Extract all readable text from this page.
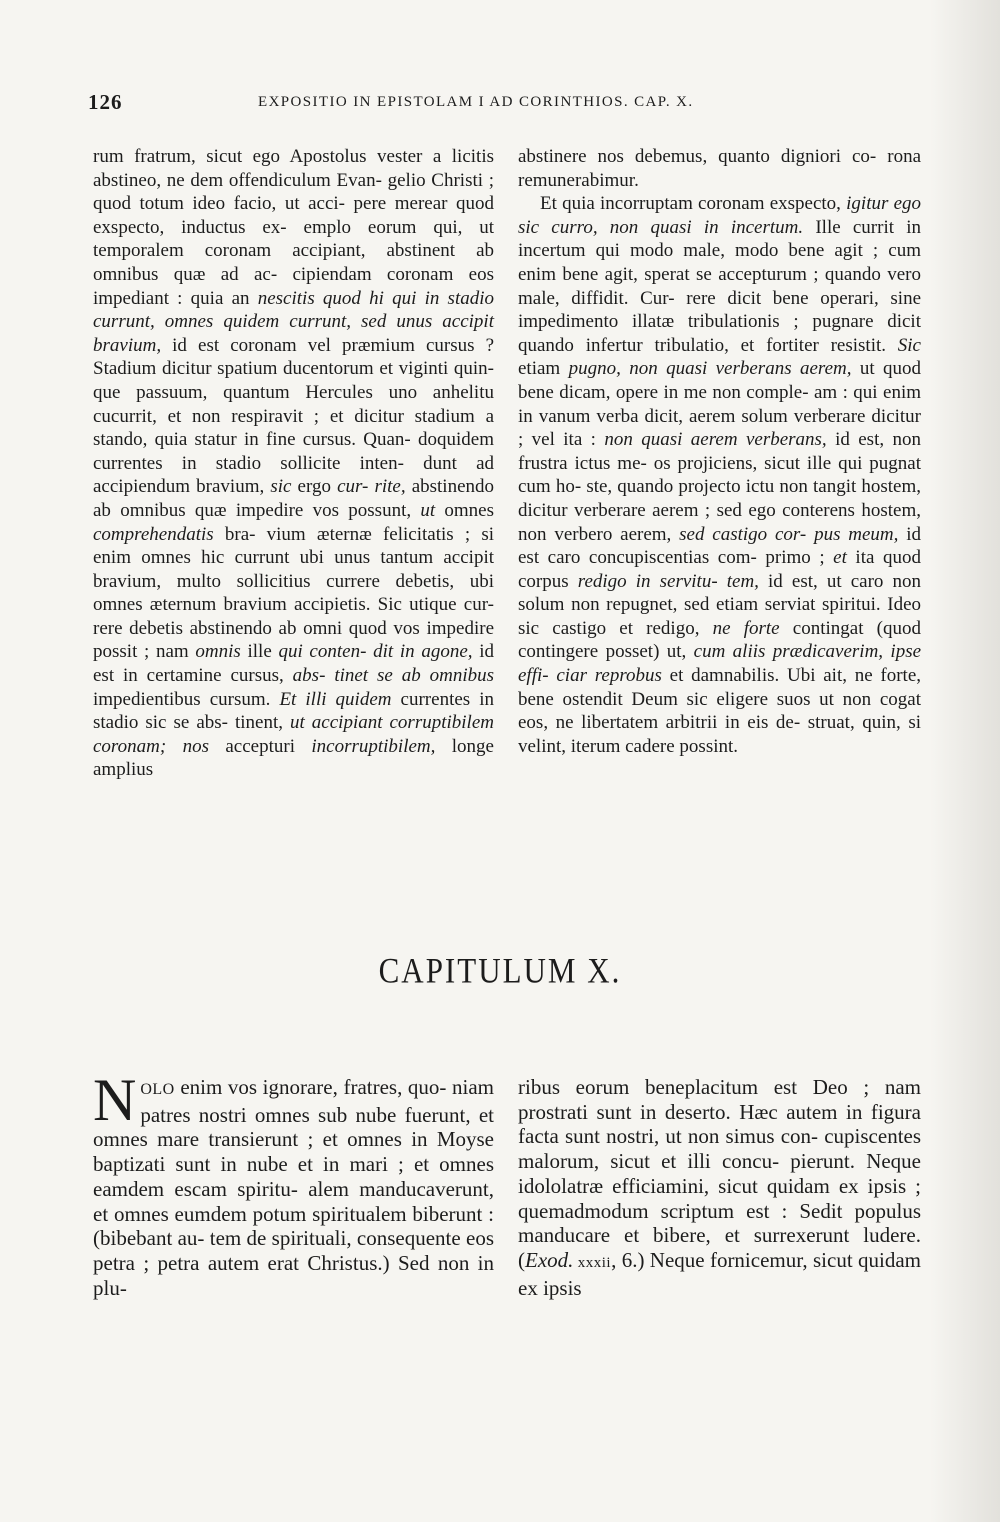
126	EXPOSITIO IN EPISTOLAM I AD CORINTHIOS. CAP. X.

rum fratrum, sicut ego Apostolus vester a licitis abstineo, ne dem offendiculum Evan- gelio Christi ; quod totum ideo facio, ut acci- pere merear quod exspecto, inductus ex- emplo eorum qui, ut temporalem coronam accipiant, abstinent ab omnibus quæ ad ac- cipiendam coronam eos impediant : quia an nescitis quod hi qui in stadio currunt, omnes quidem currunt, sed unus accipit bravium, id est coronam vel præmium cursus ? Stadium dicitur spatium ducentorum et viginti quin- que passuum, quantum Hercules uno anhelitu cucurrit, et non respiravit ; et dicitur stadium a stando, quia statur in fine cursus. Quan- doquidem currentes in stadio sollicite inten- dunt ad accipiendum bravium, sic ergo cur- rite, abstinendo ab omnibus quæ impedire vos possunt, ut omnes comprehendatis bra- vium æternæ felicitatis ; si enim omnes hic currunt ubi unus tantum accipit bravium, multo sollicitius currere debetis, ubi omnes æternum bravium accipietis. Sic utique cur- rere debetis abstinendo ab omni quod vos impedire possit ; nam omnis ille qui conten- dit in agone, id est in certamine cursus, abs- tinet se ab omnibus impedientibus cursum. Et illi quidem currentes in stadio sic se abs- tinent, ut accipiant corruptibilem coronam; nos accepturi incorruptibilem, longe amplius

abstinere nos debemus, quanto digniori co- rona remunerabimur.

Et quia incorruptam coronam exspecto, igitur ego sic curro, non quasi in incertum. Ille currit in incertum qui modo male, modo bene agit ; cum enim bene agit, sperat se accepturum ; quando vero male, diffidit. Cur- rere dicit bene operari, sine impedimento illatæ tribulationis ; pugnare dicit quando infertur tribulatio, et fortiter resistit. Sic etiam pugno, non quasi verberans aerem, ut quod bene dicam, opere in me non comple- am : qui enim in vanum verba dicit, aerem solum verberare dicitur ; vel ita : non quasi aerem verberans, id est, non frustra ictus me- os projiciens, sicut ille qui pugnat cum ho- ste, quando projecto ictu non tangit hostem, dicitur verberare aerem ; sed ego conterens hostem, non verbero aerem, sed castigo cor- pus meum, id est caro concupiscentias com- primo ; et ita quod corpus redigo in servitu- tem, id est, ut caro non solum non repugnet, sed etiam serviat spiritui. Ideo sic castigo et redigo, ne forte contingat (quod contingere posset) ut, cum aliis prædicaverim, ipse effi- ciar reprobus et damnabilis. Ubi ait, ne forte, bene ostendit Deum sic eligere suos ut non cogat eos, ne libertatem arbitrii in eis de- struat, quin, si velint, iterum cadere possint.

CAPITULUM X.

NOLO enim vos ignorare, fratres, quo- niam patres nostri omnes sub nube fuerunt, et omnes mare transierunt ; et omnes in Moyse baptizati sunt in nube et in mari ; et omnes eamdem escam spiritu- alem manducaverunt, et omnes eumdem potum spiritualem biberunt : (bibebant au- tem de spirituali, consequente eos petra ; petra autem erat Christus.) Sed non in plu-

ribus eorum beneplacitum est Deo ; nam prostrati sunt in deserto. Hæc autem in figura facta sunt nostri, ut non simus con- cupiscentes malorum, sicut et illi concu- pierunt. Neque idololatræ efficiamini, sicut quidam ex ipsis ; quemadmodum scriptum est : Sedit populus manducare et bibere, et surrexerunt ludere. (Exod. xxxii, 6.) Neque fornicemur, sicut quidam ex ipsis
